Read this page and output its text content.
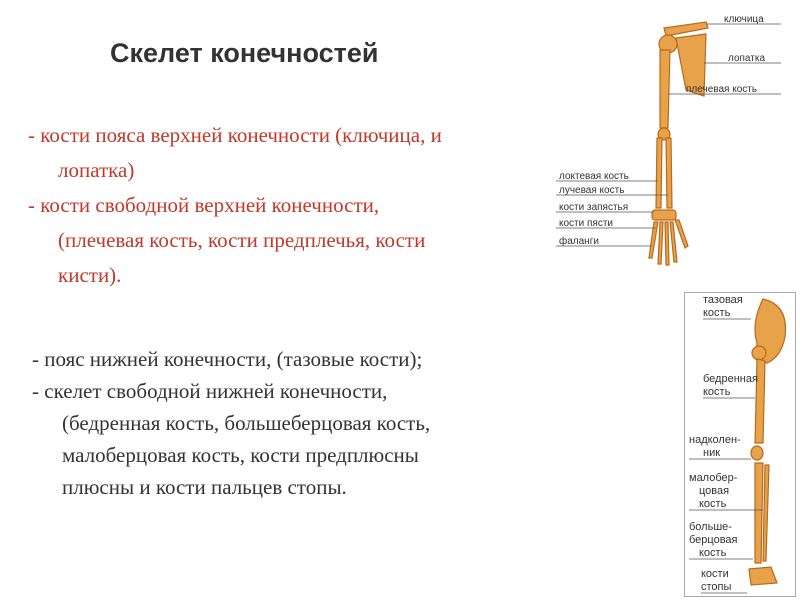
Скелет конечностей

- кости пояса верхней конечности (ключица, и
лопатка)

- кости свободной верхней конечности,
(плечевая кость, кости предплечья, кости
кисти).

- пояс нижней конечности, (тазовые кости);

- скелет свободной нижней конечности,
(бедренная кость, большеберцовая кость,
малоберцовая кость, кости предплюсны
плюсны и кости пальцев стопы.

ключица
лопатка
плечевая кость
локтевая кость
лучевая кость
кости запястья
кости пясти
фаланги
тазовая
кость
бедренная
кость
надколен-
ник
малобер-
цовая
кость
больше-
берцовая
кость
кости
стопы
